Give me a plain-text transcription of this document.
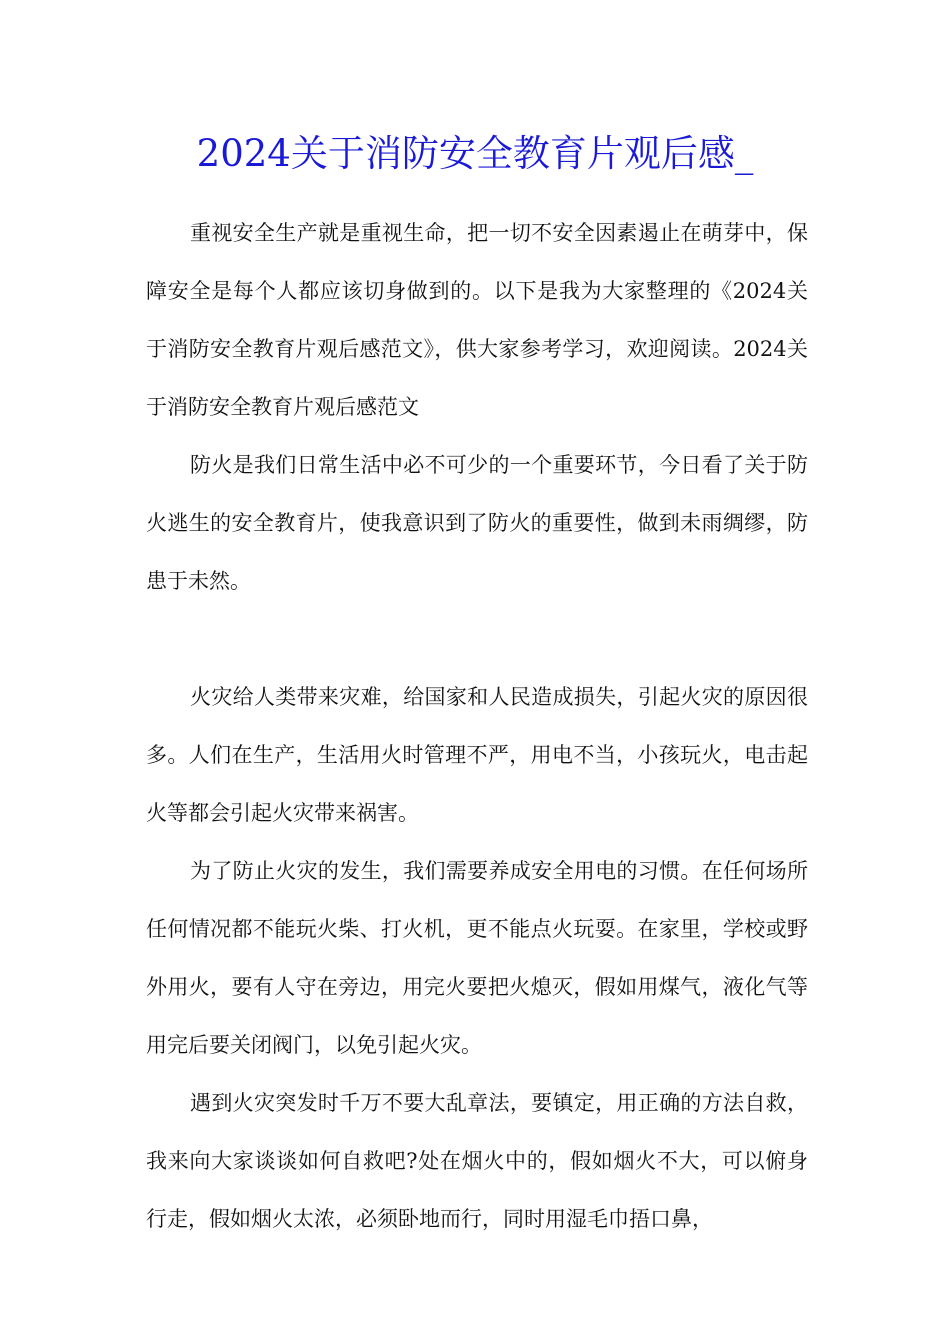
2024关于消防安全教育片观后感_

重视安全生产就是重视生命，把一切不安全因素遏止在萌芽中，保障安全是每个人都应该切身做到的。以下是我为大家整理的《2024关于消防安全教育片观后感范文》，供大家参考学习，欢迎阅读。2024关于消防安全教育片观后感范文

防火是我们日常生活中必不可少的一个重要环节，今日看了关于防火逃生的安全教育片，使我意识到了防火的重要性，做到未雨绸缪，防患于未然。

火灾给人类带来灾难，给国家和人民造成损失，引起火灾的原因很多。人们在生产，生活用火时管理不严，用电不当，小孩玩火，电击起火等都会引起火灾带来祸害。

为了防止火灾的发生，我们需要养成安全用电的习惯。在任何场所任何情况都不能玩火柴、打火机，更不能点火玩耍。在家里，学校或野外用火，要有人守在旁边，用完火要把火熄灭，假如用煤气，液化气等用完后要关闭阀门，以免引起火灾。

遇到火灾突发时千万不要大乱章法，要镇定，用正确的方法自救，我来向大家谈谈如何自救吧?处在烟火中的，假如烟火不大，可以俯身行走，假如烟火太浓，必须卧地而行，同时用湿毛巾捂口鼻，
